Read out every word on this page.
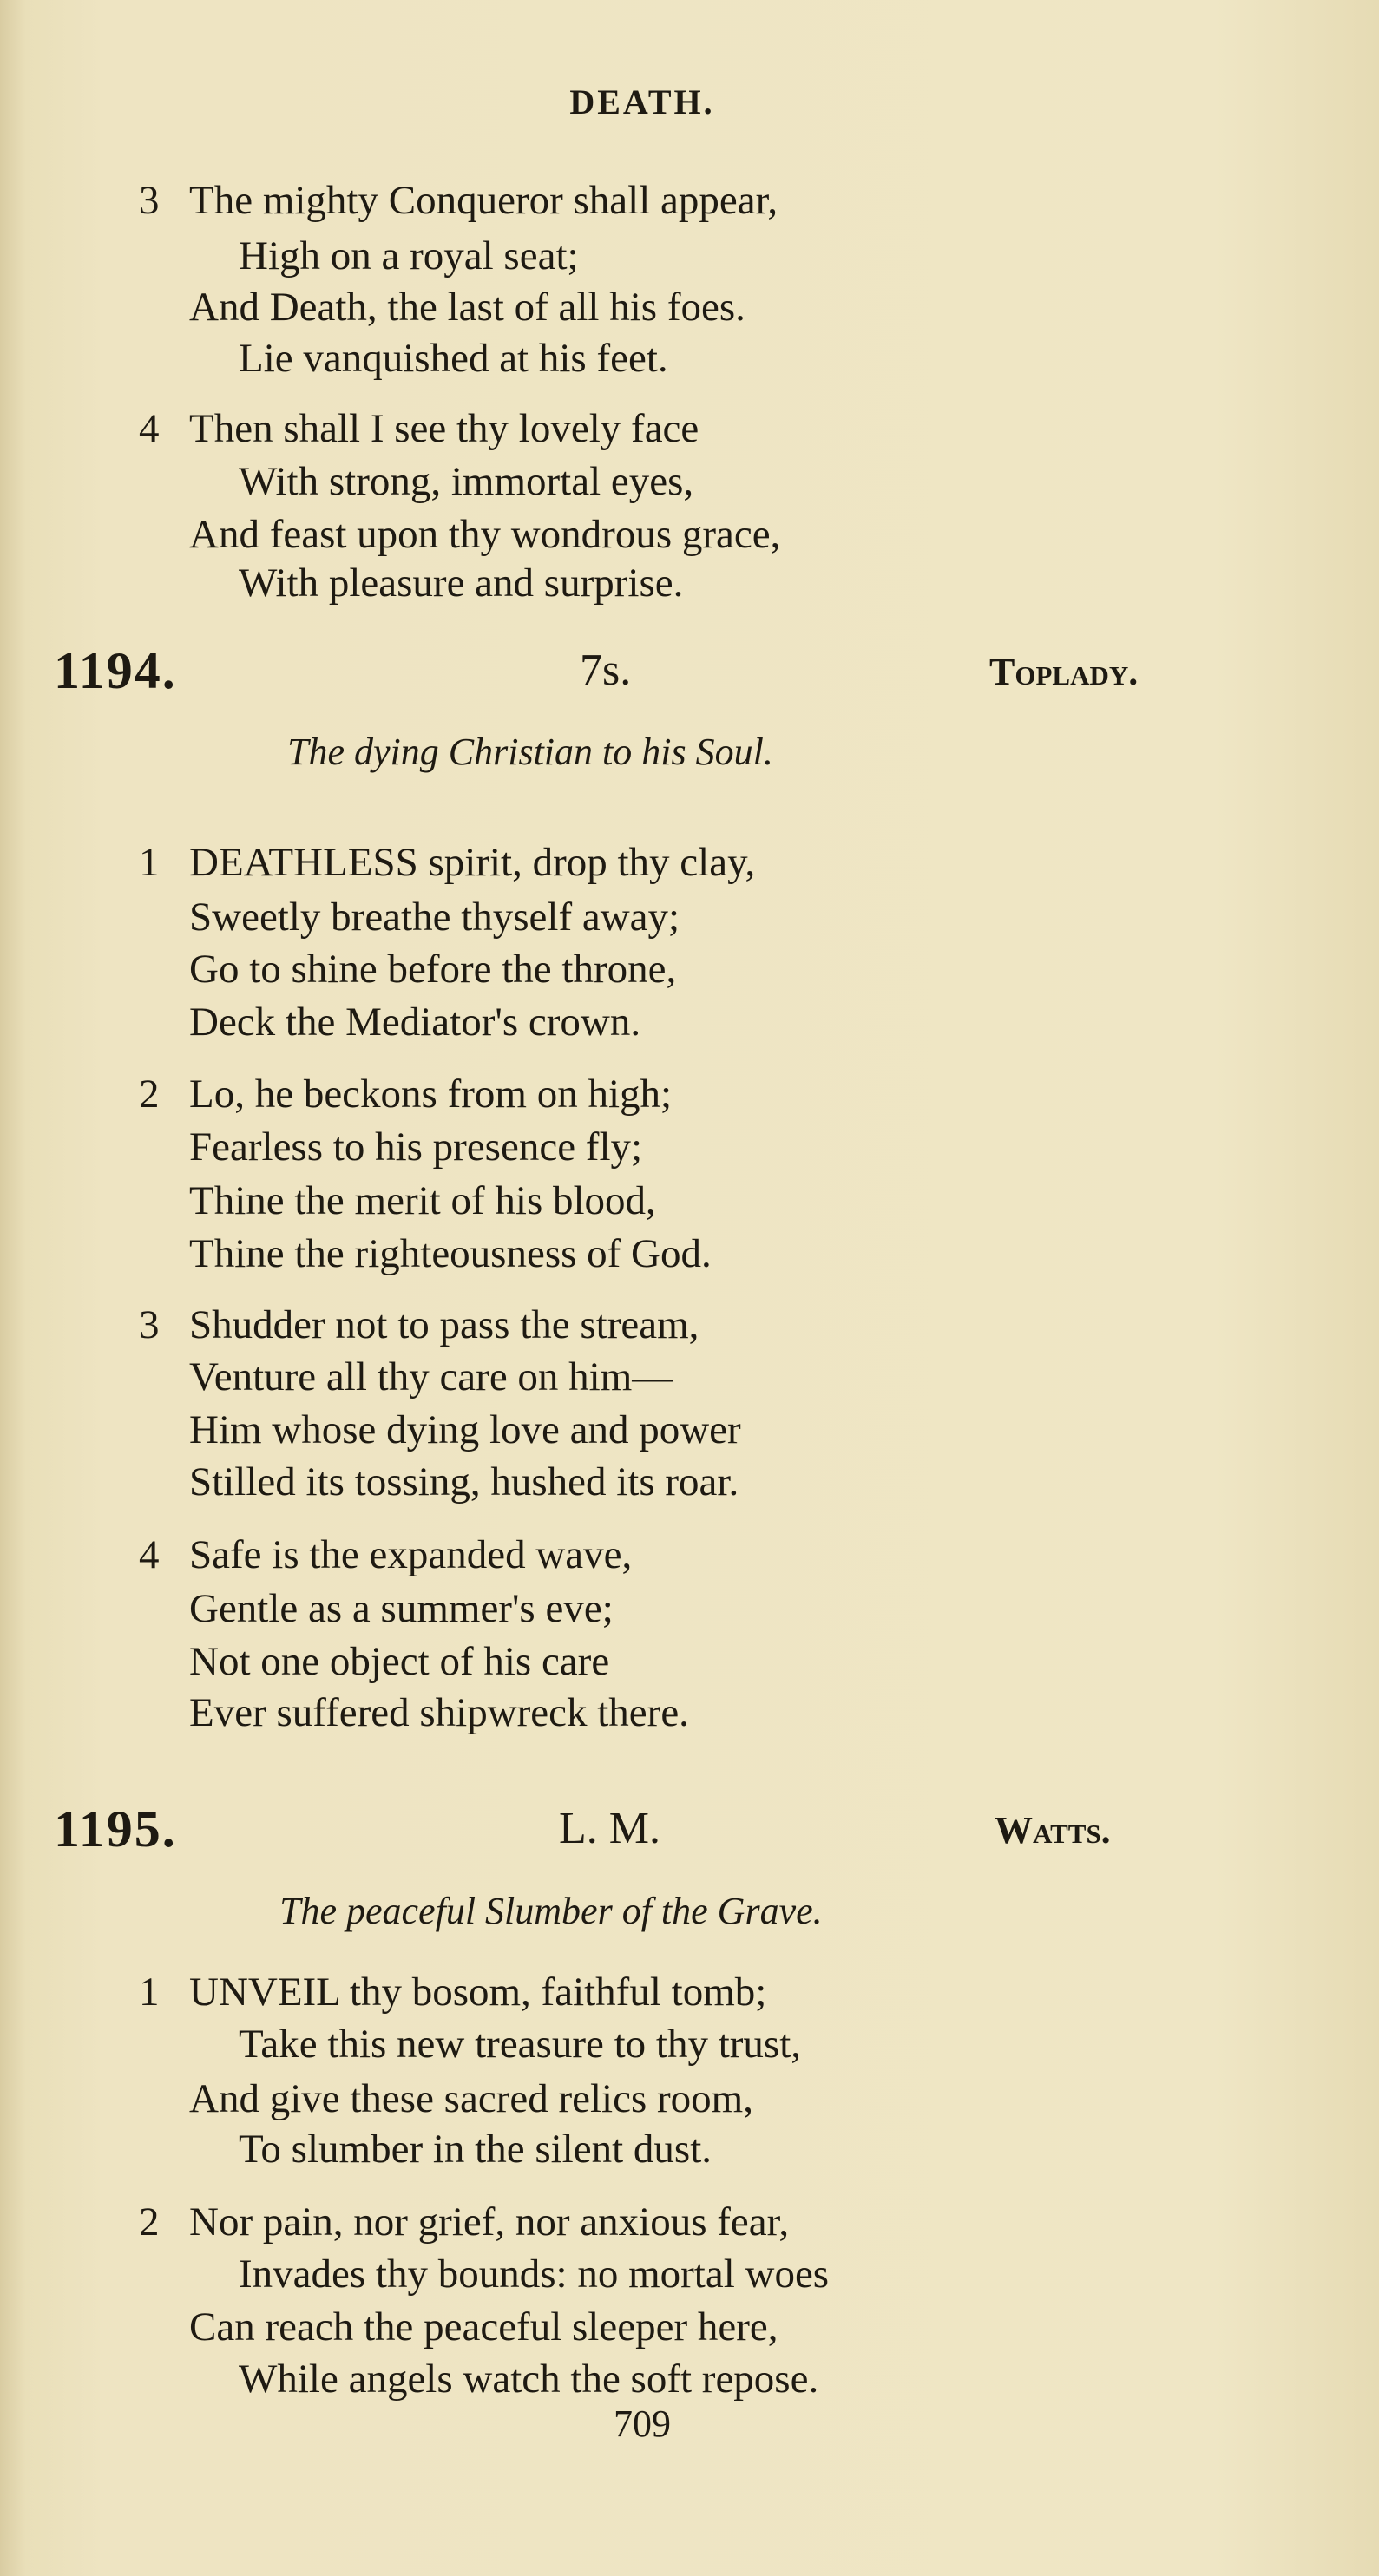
DEATH.
1194.	7s.	Toplady.
The dying Christian to his Soul.
1195.	L. M.	Watts.
The peaceful Slumber of the Grave.
709
3 The mighty Conqueror shall appear,
High on a royal seat;
And Death, the last of all his foes.
Lie vanquished at his feet.
4 Then shall I see thy lovely face
With strong, immortal eyes,
And feast upon thy wondrous grace,
With pleasure and surprise.
1 DEATHLESS spirit, drop thy clay,
Sweetly breathe thyself away;
Go to shine before the throne,
Deck the Mediator's crown.
2 Lo, he beckons from on high;
Fearless to his presence fly;
Thine the merit of his blood,
Thine the righteousness of God.
3 Shudder not to pass the stream,
Venture all thy care on him—
Him whose dying love and power
Stilled its tossing, hushed its roar.
4 Safe is the expanded wave,
Gentle as a summer's eve;
Not one object of his care
Ever suffered shipwreck there.
1 UNVEIL thy bosom, faithful tomb;
Take this new treasure to thy trust,
And give these sacred relics room,
To slumber in the silent dust.
2 Nor pain, nor grief, nor anxious fear,
Invades thy bounds: no mortal woes
Can reach the peaceful sleeper here,
While angels watch the soft repose.
